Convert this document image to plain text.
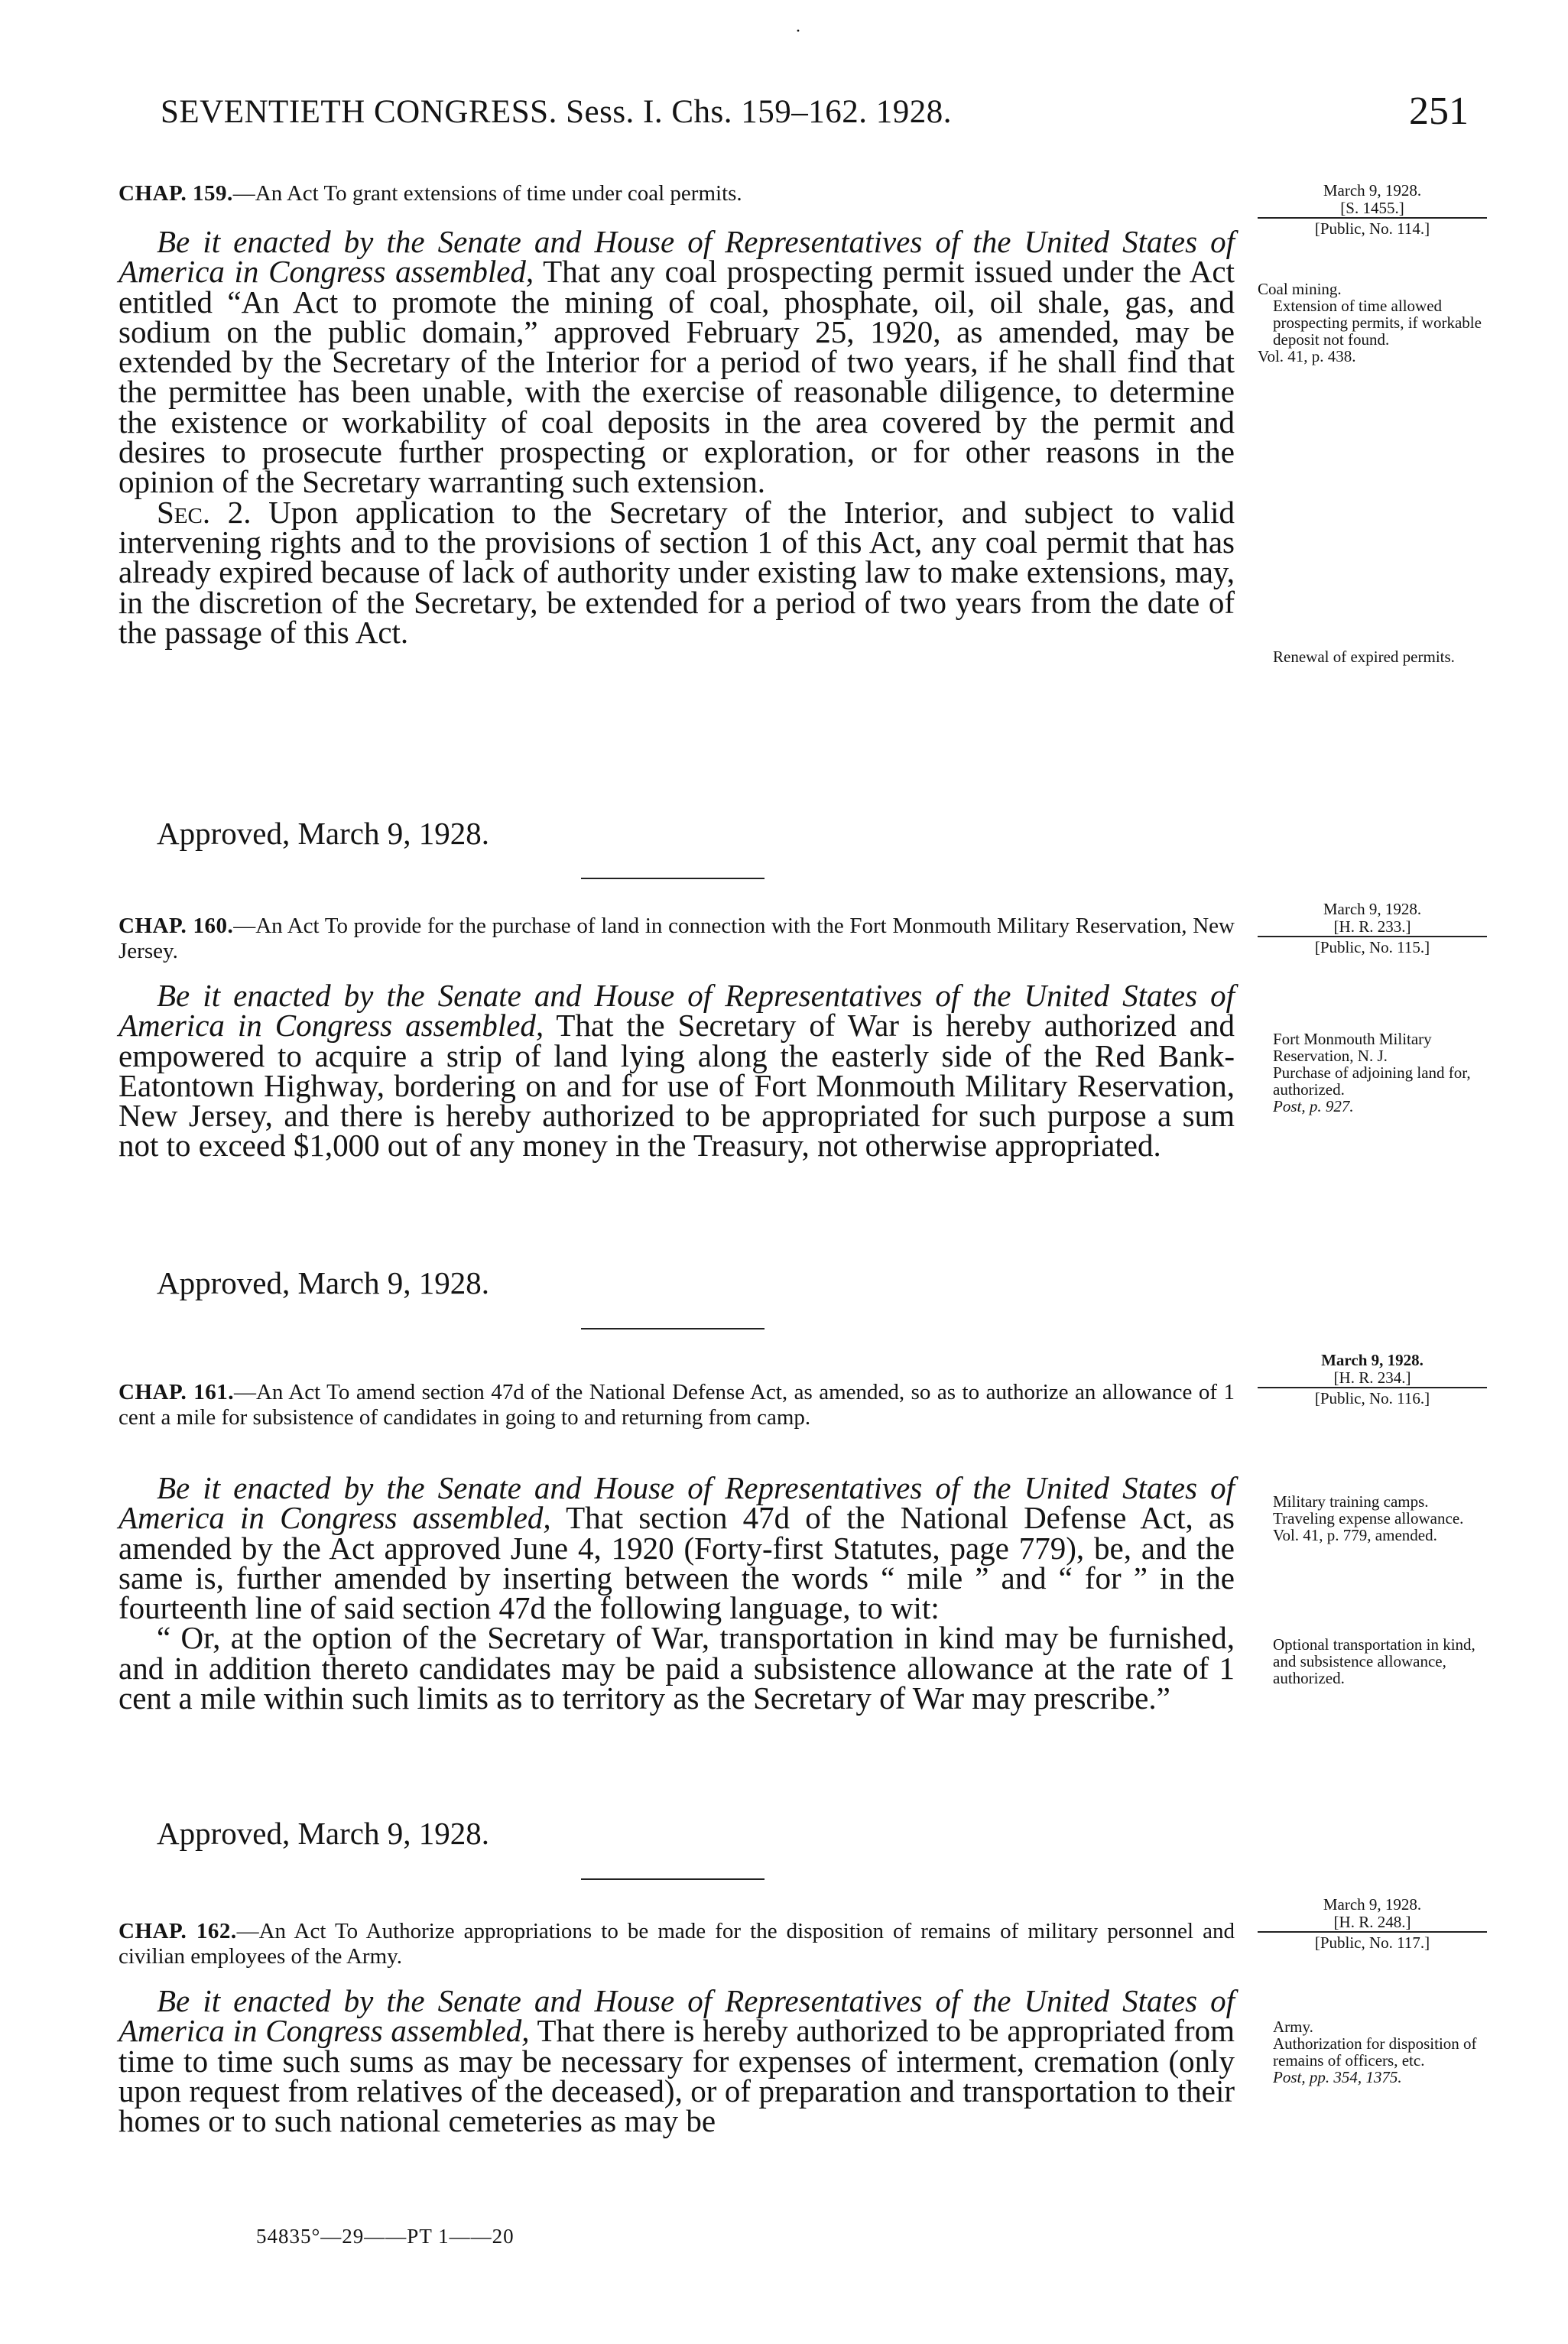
SEVENTIETH CONGRESS. Sess. I. Chs. 159–162. 1928.	251
·

CHAP. 159.—An Act To grant extensions of time under coal permits.	March 9, 1928.
[S. 1455.]
[Public, No. 114.]

Be it enacted by the Senate and House of Representatives of the United States of America in Congress assembled, That any coal prospecting permit issued under the Act entitled “An Act to promote the mining of coal, phosphate, oil, oil shale, gas, and sodium on the public domain,” approved February 25, 1920, as amended, may be extended by the Secretary of the Interior for a period of two years, if he shall find that the permittee has been unable, with the exercise of reasonable diligence, to determine the existence or workability of coal deposits in the area covered by the permit and desires to prosecute further prospecting or exploration, or for other reasons in the opinion of the Secretary warranting such extension.

Sec. 2. Upon application to the Secretary of the Interior, and subject to valid intervening rights and to the provisions of section 1 of this Act, any coal permit that has already expired because of lack of authority under existing law to make extensions, may, in the discretion of the Secretary, be extended for a period of two years from the date of the passage of this Act.

Approved, March 9, 1928.

Coal mining.

Extension of time allowed prospecting permits, if workable deposit not found.

Vol. 41, p. 438.

Renewal of expired permits.

March 9, 1928.
[H. R. 233.]
[Public, No. 115.]

CHAP. 160.—An Act To provide for the purchase of land in connection with the Fort Monmouth Military Reservation, New Jersey.

Be it enacted by the Senate and House of Representatives of the United States of America in Congress assembled, That the Secretary of War is hereby authorized and empowered to acquire a strip of land lying along the easterly side of the Red Bank-Eatontown Highway, bordering on and for use of Fort Monmouth Military Reservation, New Jersey, and there is hereby authorized to be appropriated for such purpose a sum not to exceed $1,000 out of any money in the Treasury, not otherwise appropriated.

Approved, March 9, 1928.

Fort Monmouth Military Reservation, N. J.

Purchase of adjoining land for, authorized.

Post, p. 927.

March 9, 1928.
[H. R. 234.]
[Public, No. 116.]

CHAP. 161.—An Act To amend section 47d of the National Defense Act, as amended, so as to authorize an allowance of 1 cent a mile for subsistence of candidates in going to and returning from camp.

Be it enacted by the Senate and House of Representatives of the United States of America in Congress assembled, That section 47d of the National Defense Act, as amended by the Act approved June 4, 1920 (Forty-first Statutes, page 779), be, and the same is, further amended by inserting between the words “ mile ” and “ for ” in the fourteenth line of said section 47d the following language, to wit:

“ Or, at the option of the Secretary of War, transportation in kind may be furnished, and in addition thereto candidates may be paid a subsistence allowance at the rate of 1 cent a mile within such limits as to territory as the Secretary of War may prescribe.”

Approved, March 9, 1928.

Military training camps.

Traveling expense allowance.

Vol. 41, p. 779, amended.

Optional transportation in kind, and subsistence allowance, authorized.

March 9, 1928.
[H. R. 248.]
[Public, No. 117.]

CHAP. 162.—An Act To Authorize appropriations to be made for the disposition of remains of military personnel and civilian employees of the Army.

Be it enacted by the Senate and House of Representatives of the United States of America in Congress assembled, That there is hereby authorized to be appropriated from time to time such sums as may be necessary for expenses of interment, cremation (only upon request from relatives of the deceased), or of preparation and transportation to their homes or to such national cemeteries as may be

Army.

Authorization for disposition of remains of officers, etc.

Post, pp. 354, 1375.

54835°—29——PT 1——20
